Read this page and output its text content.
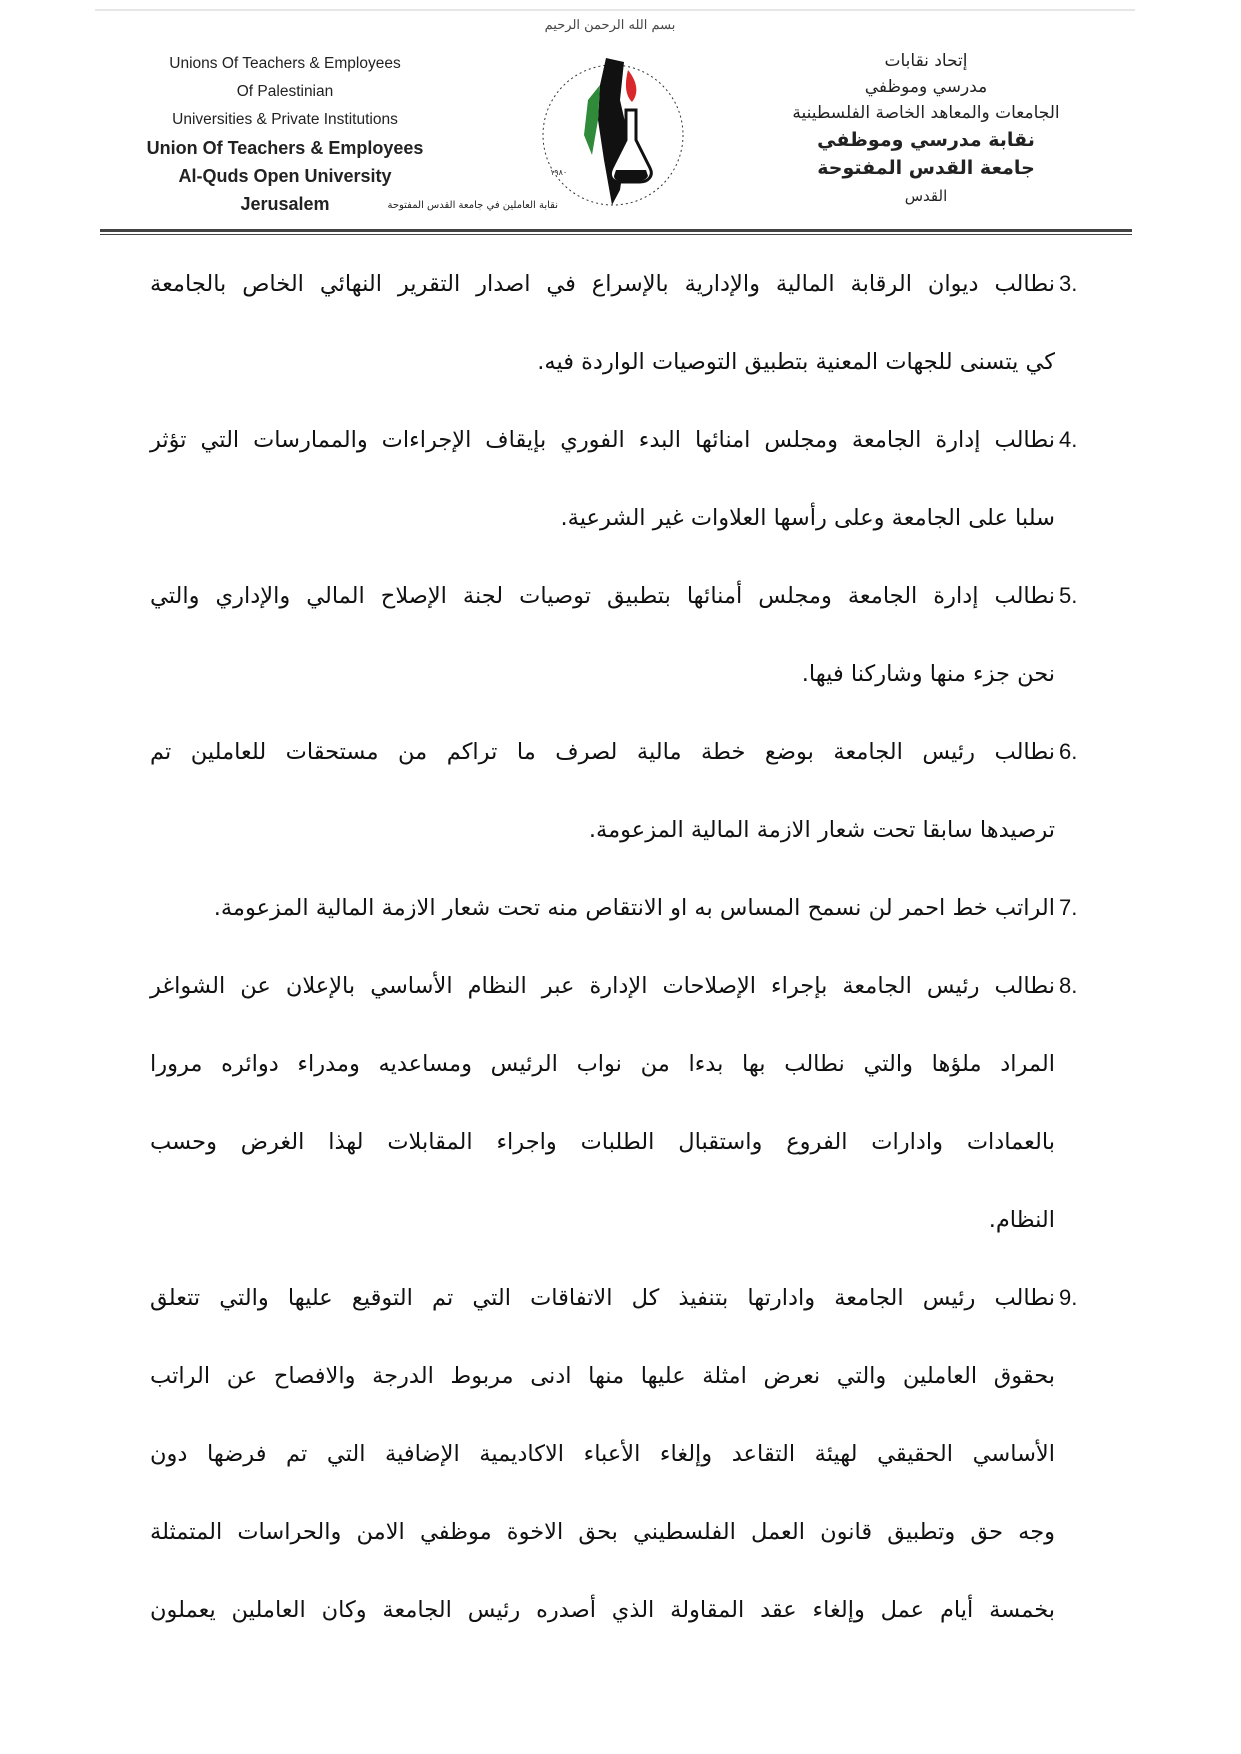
Unions Of Teachers & Employees
Of Palestinian
Universities & Private Institutions
Union Of Teachers & Employees
Al-Quds Open University
Jerusalem
بسم الله الرحمن الرحيم
١٩٨٠
نقابة العاملين في جامعة القدس المفتوحة
إتحاد نقابات
مدرسي وموظفي
الجامعات والمعاهد الخاصة الفلسطينية
نقابة مدرسي وموظفي
جامعة القدس المفتوحة
القدس
3.
نطالب ديوان الرقابة المالية والإدارية بالإسراع في اصدار التقرير النهائي الخاص بالجامعة
كي يتسنى للجهات المعنية بتطبيق التوصيات الواردة فيه.
4.
نطالب إدارة الجامعة ومجلس امنائها البدء الفوري بإيقاف الإجراءات والممارسات التي تؤثر
سلبا على الجامعة وعلى رأسها العلاوات غير الشرعية.
5.
نطالب إدارة الجامعة ومجلس أمنائها بتطبيق توصيات لجنة الإصلاح المالي والإداري والتي
نحن جزء منها وشاركنا فيها.
6.
نطالب رئيس الجامعة بوضع خطة مالية لصرف ما تراكم من مستحقات للعاملين تم
ترصيدها سابقا تحت شعار الازمة المالية المزعومة.
7.
الراتب خط احمر لن نسمح المساس به او الانتقاص منه تحت شعار الازمة المالية المزعومة.
8.
نطالب رئيس الجامعة بإجراء الإصلاحات الإدارة عبر النظام الأساسي بالإعلان عن الشواغر
المراد ملؤها والتي نطالب بها بدءا من نواب الرئيس ومساعديه ومدراء دوائره مرورا
بالعمادات وادارات الفروع واستقبال الطلبات واجراء المقابلات لهذا الغرض وحسب
النظام.
9.
نطالب رئيس الجامعة وادارتها بتنفيذ كل الاتفاقات التي تم التوقيع عليها والتي تتعلق
بحقوق العاملين والتي نعرض امثلة عليها منها ادنى مربوط الدرجة والافصاح عن الراتب
الأساسي الحقيقي لهيئة التقاعد وإلغاء الأعباء الاكاديمية الإضافية التي تم فرضها دون
وجه حق وتطبيق قانون العمل الفلسطيني بحق الاخوة موظفي الامن والحراسات المتمثلة
بخمسة أيام عمل وإلغاء عقد المقاولة الذي أصدره رئيس الجامعة وكان العاملين يعملون
